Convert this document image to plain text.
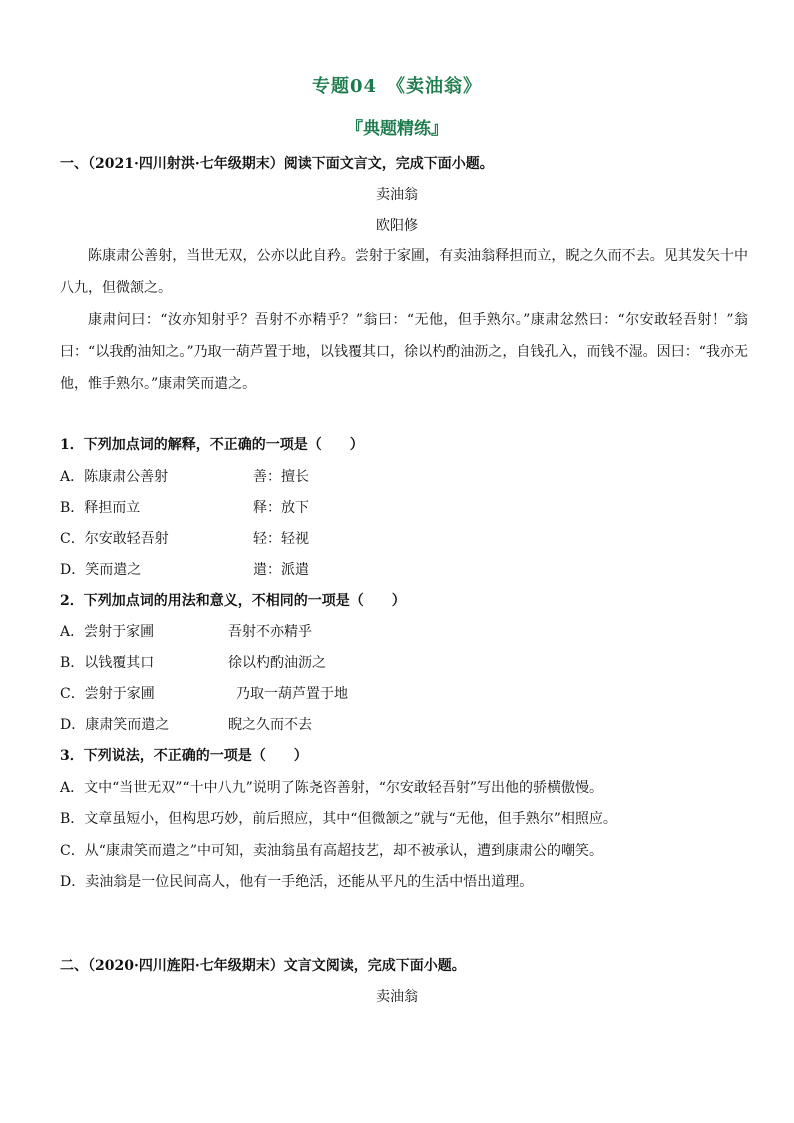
专题04　《卖油翁》
『典题精练』
一、（2021·四川射洪·七年级期末）阅读下面文言文，完成下面小题。
卖油翁
欧阳修
陈康肃公善射，当世无双，公亦以此自矜。尝射于家圃，有卖油翁释担而立，睨之久而不去。见其发矢十中八九，但微颔之。
康肃问曰：“汝亦知射乎？吾射不亦精乎？”翁曰：“无他，但手熟尔。”康肃忿然曰：“尔安敢轻吾射！”翁曰：“以我酌油知之。”乃取一葫芦置于地，以钱覆其口，徐以杓酌油沥之，自钱孔入，而钱不湿。因曰：“我亦无他，惟手熟尔。”康肃笑而遣之。
1．下列加点词的解释，不正确的一项是（　　）
A．陈康肃公善射	善：擅长
B．释担而立	释：放下
C．尔安敢轻吾射	轻：轻视
D．笑而遣之	遣：派遣
2．下列加点词的用法和意义，不相同的一项是（　　）
A．尝射于家圃	吾射不亦精乎
B．以钱覆其口	徐以杓酌油沥之
C．尝射于家圃	乃取一葫芦置于地
D．康肃笑而遣之	睨之久而不去
3．下列说法，不正确的一项是（　　）
A．文中“当世无双”“十中八九”说明了陈尧咨善射，“尔安敢轻吾射”写出他的骄横傲慢。
B．文章虽短小，但构思巧妙，前后照应，其中“但微颔之”就与“无他，但手熟尔”相照应。
C．从“康肃笑而遣之”中可知，卖油翁虽有高超技艺，却不被承认，遭到康肃公的嘲笑。
D．卖油翁是一位民间高人，他有一手绝活，还能从平凡的生活中悟出道理。
二、（2020·四川旌阳·七年级期末）文言文阅读，完成下面小题。
卖油翁
